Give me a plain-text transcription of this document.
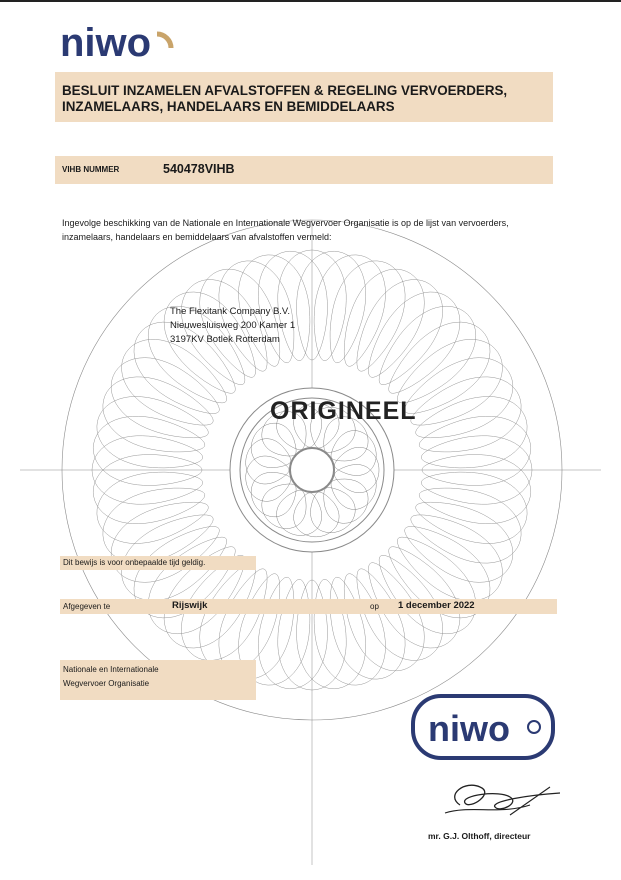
niwo
BESLUIT INZAMELEN AFVALSTOFFEN & REGELING VERVOERDERS,
INZAMELAARS, HANDELAARS EN BEMIDDELAARS
VIHB NUMMER	540478VIHB
Ingevolge beschikking van de Nationale en Internationale Wegvervoer Organisatie is op de lijst van vervoerders,
inzamelaars, handelaars en bemiddelaars van afvalstoffen vermeld:
The Flexitank Company B.V.
Nieuwesluisweg 200 Kamer 1
3197KV Botlek Rotterdam
ORIGINEEL
Dit bewijs is voor onbepaalde tijd geldig.
Afgegeven te	Rijswijk	op 1 december 2022
Nationale en Internationale
Wegvervoer Organisatie
niwo
mr. G.J. Olthoff, directeur
